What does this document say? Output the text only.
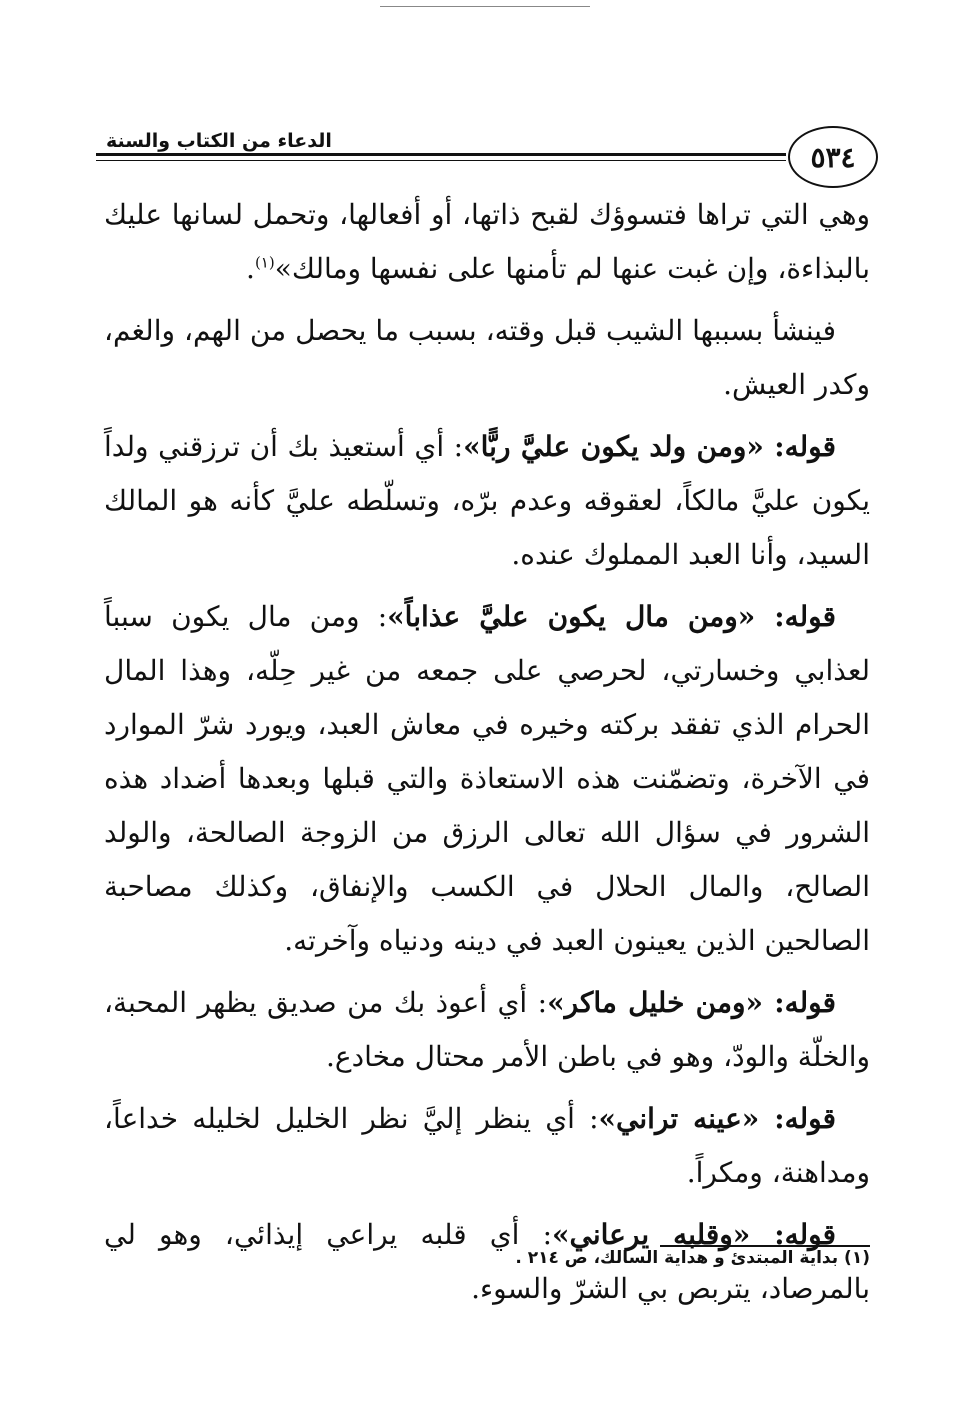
الدعاء من الكتاب والسنة	٥٣٤

وهي التي تراها فتسوؤك لقبح ذاتها، أو أفعالها، وتحمل لسانها عليك بالبذاءة، وإن غبت عنها لم تأمنها على نفسها ومالك»$^{(١)}$.

فينشأ بسببها الشيب قبل وقته، بسبب ما يحصل من الهم، والغم، وكدر العيش.

قوله: «ومن ولد يكون عليَّ ربًّا»: أي أستعيذ بك أن ترزقني ولداً يكون عليَّ مالكاً، لعقوقه وعدم برّه، وتسلّطه عليَّ كأنه هو المالك السيد، وأنا العبد المملوك عنده.

قوله: «ومن مال يكون عليَّ عذاباً»: ومن مال يكون سبباً لعذابي وخسارتي، لحرصي على جمعه من غير حِلّه، وهذا المال الحرام الذي تفقد بركته وخيره في معاش العبد، ويورد شرّ الموارد في الآخرة، وتضمّنت هذه الاستعاذة والتي قبلها وبعدها أضداد هذه الشرور في سؤال الله تعالى الرزق من الزوجة الصالحة، والولد الصالح، والمال الحلال في الكسب والإنفاق، وكذلك مصاحبة الصالحين الذين يعينون العبد في دينه ودنياه وآخرته.

قوله: «ومن خليل ماكر»: أي أعوذ بك من صديق يظهر المحبة، والخلّة والودّ، وهو في باطن الأمر محتال مخادع.

قوله: «عينه تراني»: أي ينظر إليَّ نظر الخليل لخليله خداعاً، ومداهنة، ومكراً.

قوله: «وقلبه يرعاني»: أي قلبه يراعي إيذائي، وهو لي بالمرصاد، يتربص بي الشرّ والسوء.

(١) بداية المبتدئ و هداية السالك، ص ٢١٤ .
